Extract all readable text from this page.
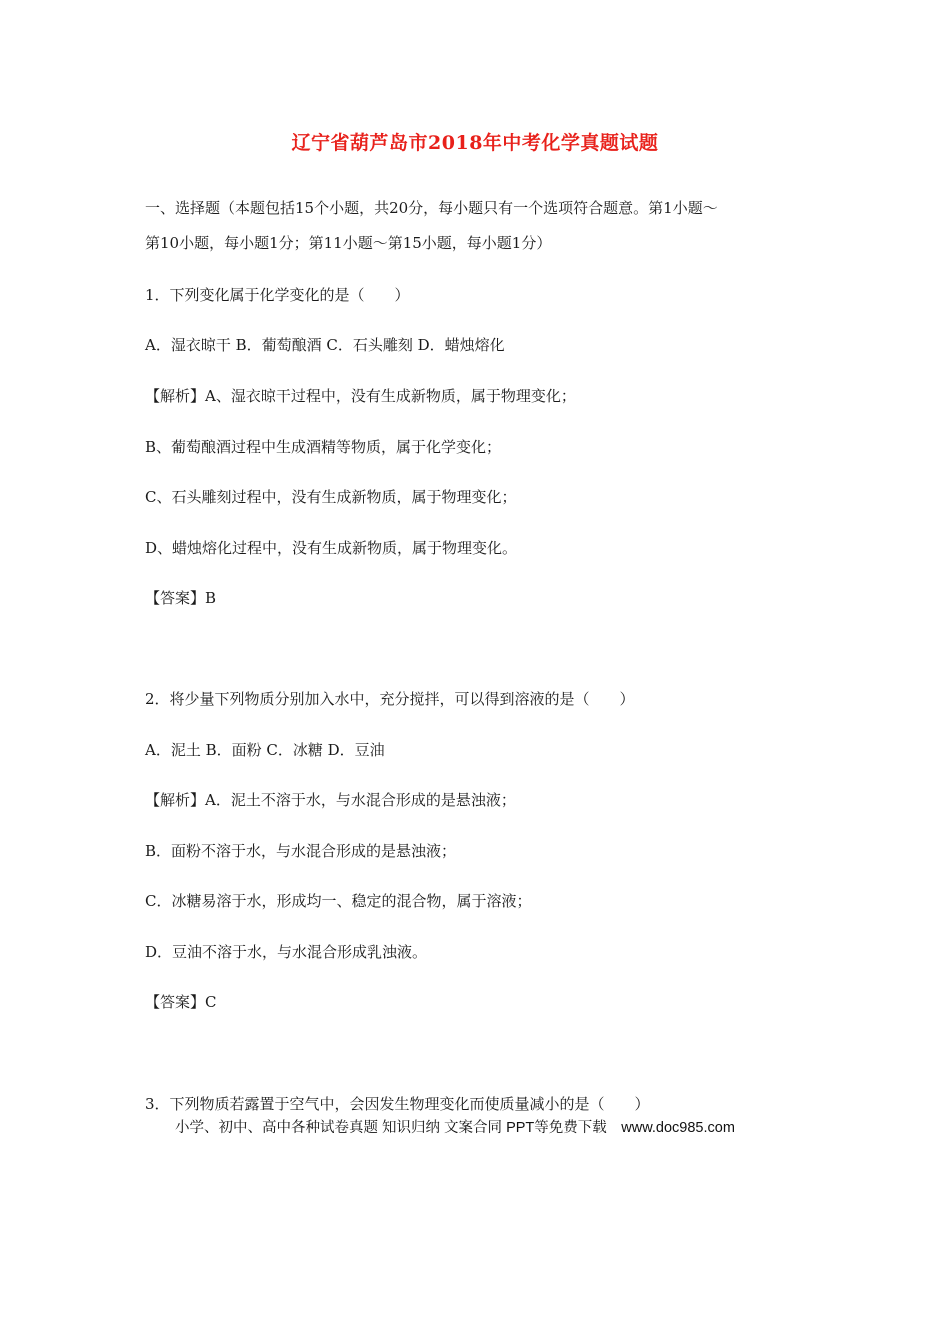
辽宁省葫芦岛市2018年中考化学真题试题
一、选择题（本题包括15个小题，共20分，每小题只有一个选项符合题意。第1小题～
第10小题，每小题1分；第11小题～第15小题，每小题1分）
1．下列变化属于化学变化的是（　　）
A．湿衣晾干 B．葡萄酿酒 C．石头雕刻 D．蜡烛熔化
【解析】A、湿衣晾干过程中，没有生成新物质，属于物理变化；
B、葡萄酿酒过程中生成酒精等物质，属于化学变化；
C、石头雕刻过程中，没有生成新物质，属于物理变化；
D、蜡烛熔化过程中，没有生成新物质，属于物理变化。
【答案】B
2．将少量下列物质分别加入水中，充分搅拌，可以得到溶液的是（　　）
A．泥土 B．面粉 C．冰糖 D．豆油
【解析】A．泥土不溶于水，与水混合形成的是悬浊液；
B．面粉不溶于水，与水混合形成的是悬浊液；
C．冰糖易溶于水，形成均一、稳定的混合物，属于溶液；
D．豆油不溶于水，与水混合形成乳浊液。
【答案】C
3．下列物质若露置于空气中，会因发生物理变化而使质量减小的是（　　）
小学、初中、高中各种试卷真题 知识归纳 文案合同 PPT等免费下载　www.doc985.com
